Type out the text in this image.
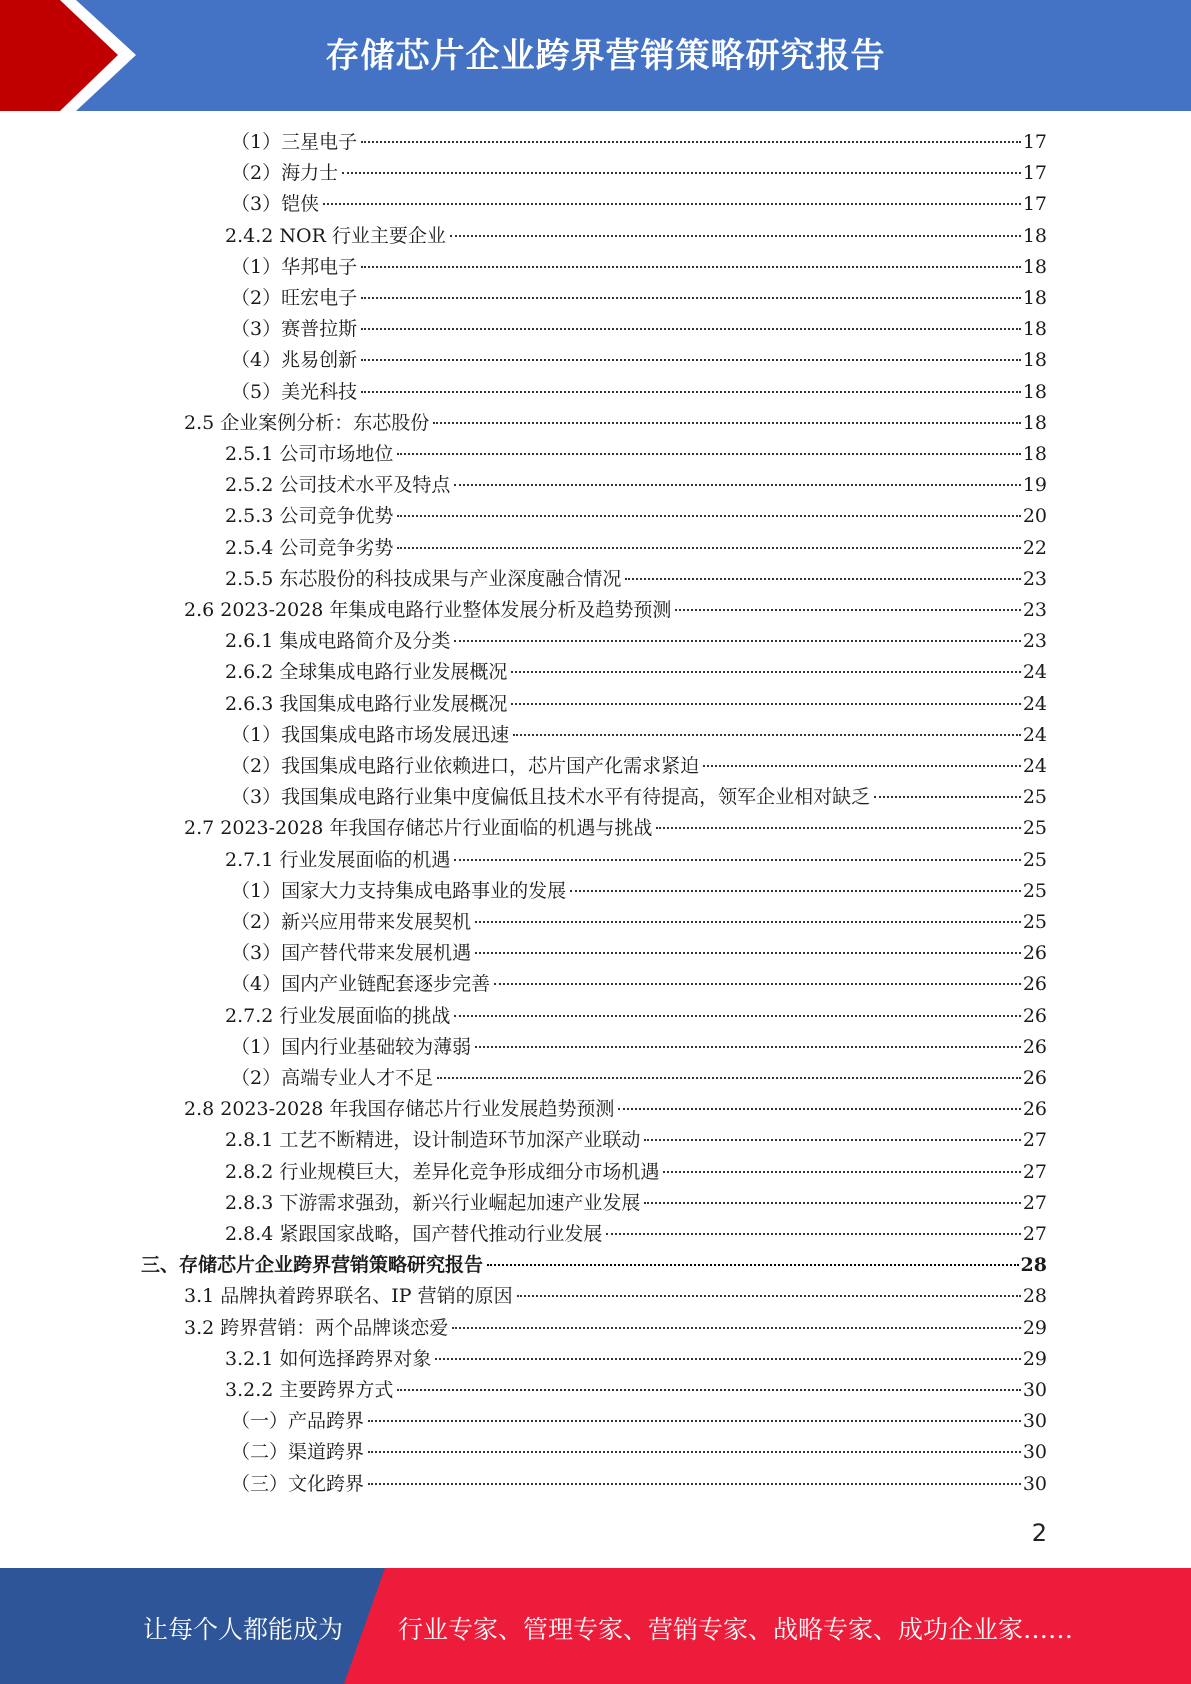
存储芯片企业跨界营销策略研究报告
（1）三星电子	17
（2）海力士	17
（3）铠侠	17
2.4.2 NOR 行业主要企业	18
（1）华邦电子	18
（2）旺宏电子	18
（3）赛普拉斯	18
（4）兆易创新	18
（5）美光科技	18
2.5 企业案例分析：东芯股份	18
2.5.1 公司市场地位	18
2.5.2 公司技术水平及特点	19
2.5.3 公司竞争优势	20
2.5.4 公司竞争劣势	22
2.5.5 东芯股份的科技成果与产业深度融合情况	23
2.6 2023-2028 年集成电路行业整体发展分析及趋势预测	23
2.6.1 集成电路简介及分类	23
2.6.2 全球集成电路行业发展概况	24
2.6.3 我国集成电路行业发展概况	24
（1）我国集成电路市场发展迅速	24
（2）我国集成电路行业依赖进口，芯片国产化需求紧迫	24
（3）我国集成电路行业集中度偏低且技术水平有待提高，领军企业相对缺乏	25
2.7 2023-2028 年我国存储芯片行业面临的机遇与挑战	25
2.7.1 行业发展面临的机遇	25
（1）国家大力支持集成电路事业的发展	25
（2）新兴应用带来发展契机	25
（3）国产替代带来发展机遇	26
（4）国内产业链配套逐步完善	26
2.7.2 行业发展面临的挑战	26
（1）国内行业基础较为薄弱	26
（2）高端专业人才不足	26
2.8 2023-2028 年我国存储芯片行业发展趋势预测	26
2.8.1 工艺不断精进，设计制造环节加深产业联动	27
2.8.2 行业规模巨大，差异化竞争形成细分市场机遇	27
2.8.3 下游需求强劲，新兴行业崛起加速产业发展	27
2.8.4 紧跟国家战略，国产替代推动行业发展	27
三、存储芯片企业跨界营销策略研究报告	28
3.1 品牌执着跨界联名、IP 营销的原因	28
3.2 跨界营销：两个品牌谈恋爱	29
3.2.1 如何选择跨界对象	29
3.2.2 主要跨界方式	30
（一）产品跨界	30
（二）渠道跨界	30
（三）文化跨界	30
2
让每个人都能成为 行业专家、管理专家、营销专家、战略专家、成功企业家……
